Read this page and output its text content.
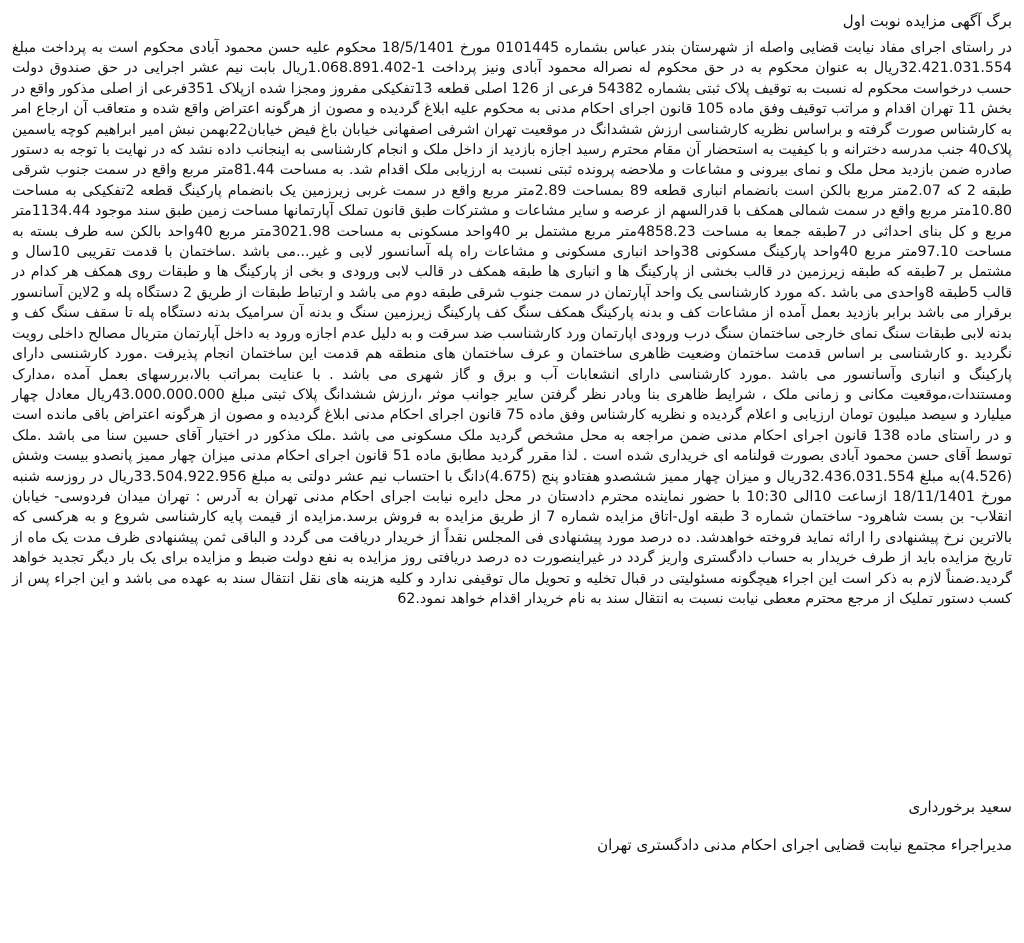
برگ آگهی مزایده نوبت اول

در راستای اجرای مفاد نیابت قضایی واصله از شهرستان بندر عباس بشماره 0101445 مورخ 18/5/1401 محکوم علیه حسن محمود آبادی محکوم است به پرداخت مبلغ 32.421.031.554ریال به عنوان محکوم به در حق محکوم له نصراله محمود آبادی ونیز پرداخت 1-1.068.891.402ریال بابت نیم عشر اجرایی در حق صندوق دولت حسب درخواست محکوم له نسبت به توقیف پلاک ثبتی بشماره 54382 فرعی از 126 اصلی قطعه 13تفکیکی مفروز ومجزا شده ازپلاک 351فرعی از اصلی مذکور واقع در بخش 11 تهران اقدام و مراتب توقیف وفق ماده 105 قانون اجرای احکام مدنی به محکوم علیه ابلاغ گردیده و مصون از هرگونه اعتراض واقع شده و متعاقب آن ارجاع امر به کارشناس صورت گرفته و براساس نظریه کارشناسی ارزش ششدانگ در موقعیت تهران اشرفی اصفهانی خیابان باغ فیض خیابان22بهمن نبش امیر ابراهیم کوچه یاسمین پلاک40 جنب مدرسه دخترانه و با کیفیت به استحضار آن مقام محترم رسید اجازه بازدید از داخل ملک و انجام کارشناسی به اینجانب داده نشد که در نهایت با توجه به دستور صادره ضمن بازدید محل ملک و نمای بیرونی و مشاعات و ملاحضه پرونده ثبتی نسبت به ارزیابی ملک اقدام شد. به مساحت 81.44متر مربع واقع در سمت جنوب شرقی طبقه 2 که 2.07متر مربع بالکن است بانضمام انباری قطعه 89 بمساحت 2.89متر مربع واقع در سمت غربی زیرزمین یک بانضمام پارکینگ قطعه 2تفکیکی به مساحت 10.80متر مربع واقع در سمت شمالی همکف با قدرالسهم از عرصه و سایر مشاعات و مشترکات طبق قانون تملک آپارتمانها مساحت زمین طبق سند موجود 1134.44متر مربع و کل بنای احداثی در 7طبقه جمعا به مساحت 4858.23متر مربع مشتمل بر 40واحد مسکونی به مساحت 3021.98متر مربع 40واحد بالکن سه طرف بسته به مساحت 97.10متر مربع 40واحد پارکینگ مسکونی 38واحد انباری مسکونی و مشاعات راه پله آسانسور لابی و غیر...می باشد .ساختمان با قدمت تقریبی 10سال و مشتمل بر 7طبقه که طبقه زیرزمین در قالب بخشی از پارکینگ ها و انباری ها طبقه همکف در قالب لابی ورودی و بخی از پارکینگ ها و طبقات روی همکف هر کدام در قالب 5طبقه 8واحدی می باشد .که مورد کارشناسی یک واحد آپارتمان در سمت جنوب شرقی طبقه دوم می باشد و ارتباط طبقات از طریق 2 دستگاه پله و 2لاین آسانسور برقرار می باشد برابر بازدید بعمل آمده از مشاعات کف و بدنه پارکینگ همکف سنگ کف پارکینگ زیرزمین سنگ و بدنه آن سرامیک بدنه دستگاه پله تا سقف سنگ کف و بدنه لابی طبقات سنگ نمای خارجی ساختمان سنگ درب ورودی اپارتمان ورد کارشناسب ضد سرقت و به دلیل عدم اجازه ورود به داخل آپارتمان متریال مصالح داخلی رویت نگردید .و کارشناسی بر اساس قدمت ساختمان وضعیت ظاهری ساختمان و عرف ساختمان های منطقه هم قدمت این ساختمان انجام پذیرفت .مورد کارشنسی دارای پارکینگ و انباری وآسانسور می باشد .مورد کارشناسی دارای انشعابات آب و برق و گاز شهری می باشد . با عنایت بمراتب بالا،بررسهای بعمل آمده ،مدارک ومستندات،موقعیت مکانی و زمانی ملک ، شرایط ظاهری بنا وبادر نظر گرفتن سایر جوانب موثر ،ارزش ششدانگ پلاک ثبتی مبلغ 43.000.000.000ریال معادل چهار میلیارد و سیصد میلیون تومان ارزیابی و اعلام گردیده و نظریه کارشناس وفق ماده 75 قانون اجرای احکام مدنی ابلاغ گردیده و مصون از هرگونه اعتراض باقی مانده است و در راستای ماده 138 قانون اجرای احکام مدنی ضمن مراجعه به محل مشخص گردید ملک مسکونی می باشد .ملک مذکور در اختیار آقای حسین سنا می باشد .ملک توسط آقای حسن محمود آبادی بصورت قولنامه ای خریداری شده است . لذا مقرر گردید مطابق ماده 51 قانون اجرای احکام مدنی میزان چهار ممیز پانصدو بیست وشش (4.526)به مبلغ 32.436.031.554ریال و میزان چهار ممیز ششصدو هفتادو پنج (4.675)دانگ با احتساب نیم عشر دولتی به مبلغ 33.504.922.956ریال در روزسه شنبه مورخ 18/11/1401 ازساعت 10الی 10:30 با حضور نماینده محترم دادستان در محل دایره نیابت اجرای احکام مدنی تهران به آدرس : تهران میدان فردوسی- خیابان انقلاب- بن بست شاهرود- ساختمان شماره 3 طبقه اول-اتاق مزایده شماره 7 از طریق مزایده به فروش برسد.مزایده از قیمت پایه کارشناسی شروع و به هرکسی که بالاترین نرخ پیشنهادی را ارائه نماید فروخته خواهدشد. ده درصد مورد پیشنهادی فی المجلس نقداً از خریدار دریافت می گردد و الباقی ثمن پیشنهادی ظرف مدت یک ماه از تاریخ مزایده باید از طرف خریدار به حساب دادگستری واریز گردد در غیراینصورت ده درصد دریافتی روز مزایده به نفع دولت ضبط و مزایده برای یک بار دیگر تجدید خواهد گردید.ضمناً لازم به ذکر است این اجراء هیچگونه مسئولیتی در قبال تخلیه و تحویل مال توقیفی ندارد و کلیه هزینه های نقل انتقال سند به عهده می باشد و این اجراء پس از کسب دستور تملیک از مرجع محترم معطی نیابت نسبت به انتقال سند به نام خریدار اقدام خواهد نمود.62

سعید برخورداری
مدیراجراء مجتمع نیابت قضایی اجرای احکام مدنی دادگستری تهران
